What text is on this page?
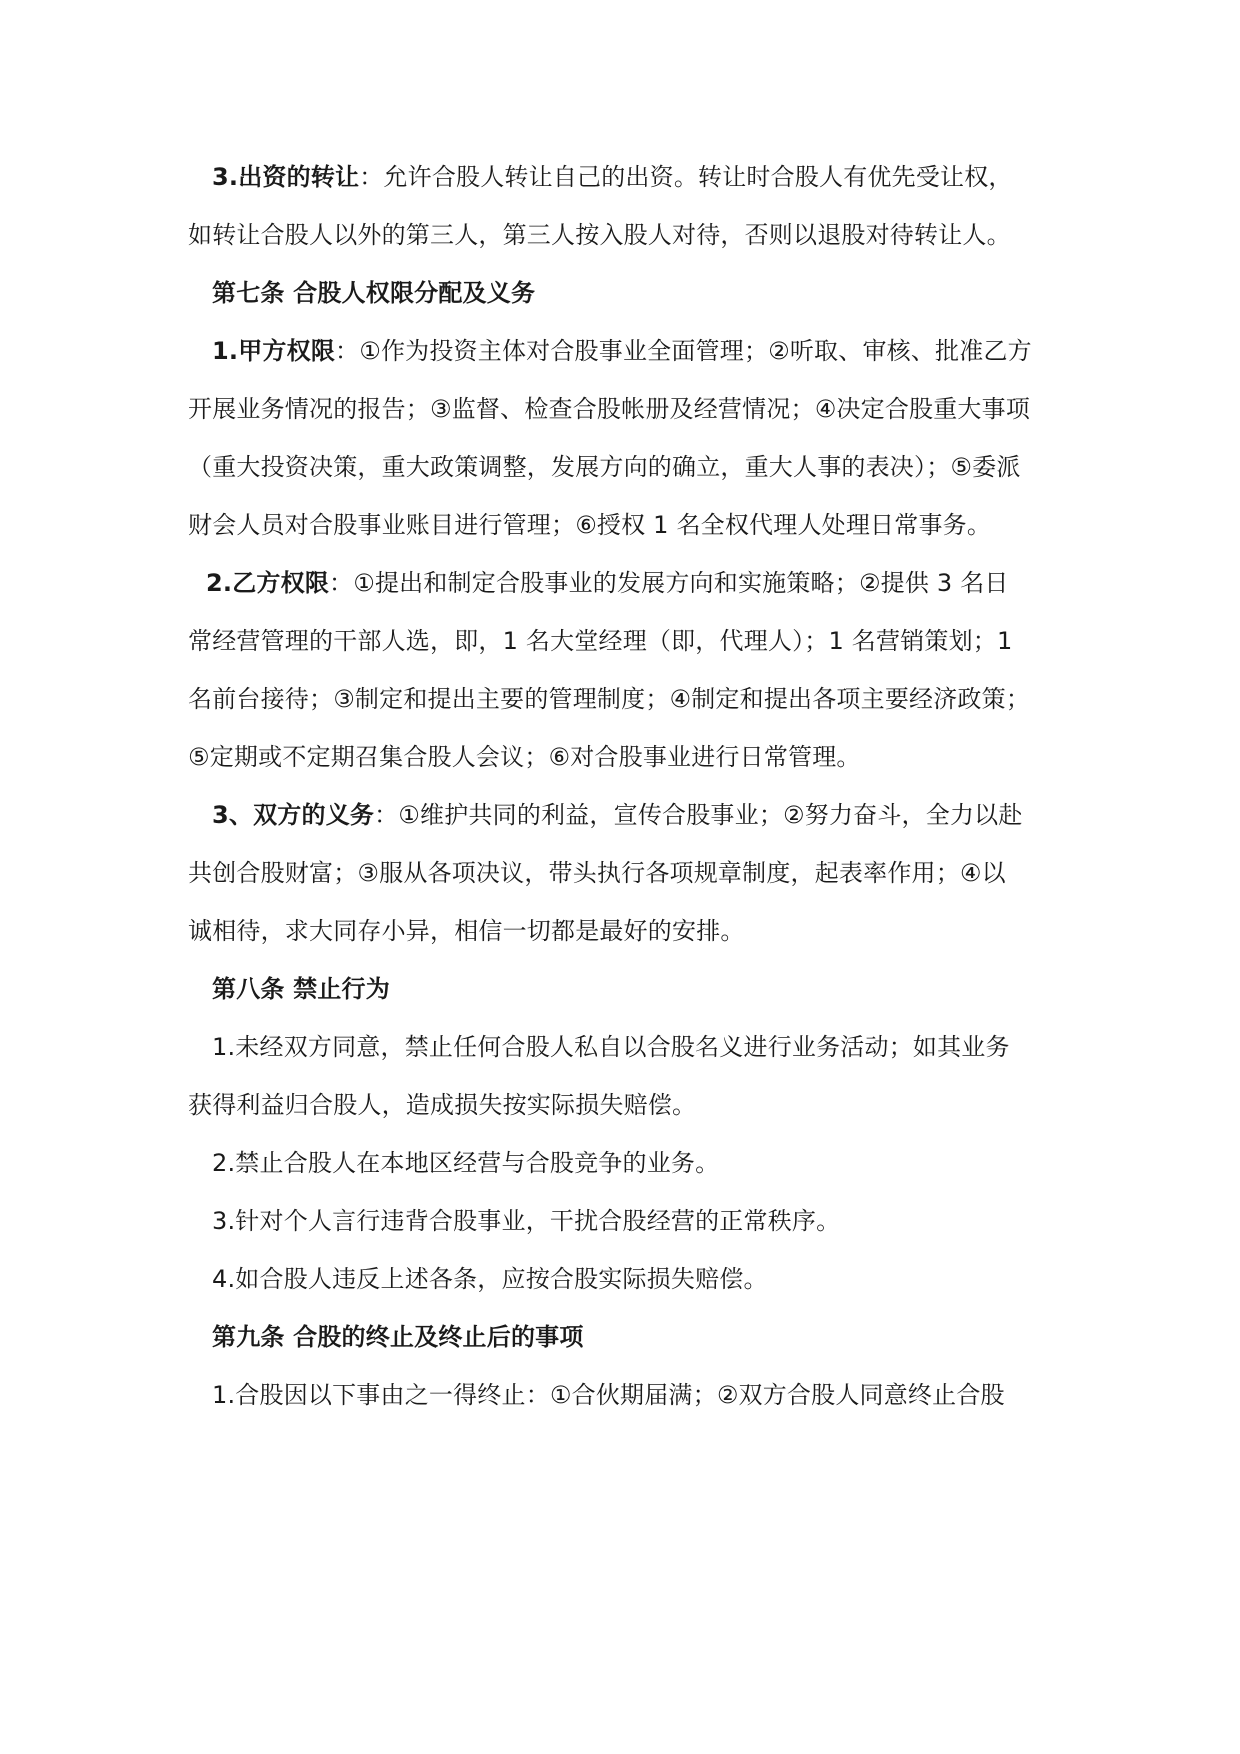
3.出资的转让：允许合股人转让自己的出资。转让时合股人有优先受让权，
如转让合股人以外的第三人，第三人按入股人对待，否则以退股对待转让人。
第七条 合股人权限分配及义务
1.甲方权限：①作为投资主体对合股事业全面管理；②听取、审核、批准乙方
开展业务情况的报告；③监督、检查合股帐册及经营情况；④决定合股重大事项
（重大投资决策，重大政策调整，发展方向的确立，重大人事的表决）；⑤委派
财会人员对合股事业账目进行管理；⑥授权 1 名全权代理人处理日常事务。
2.乙方权限：①提出和制定合股事业的发展方向和实施策略；②提供 3 名日
常经营管理的干部人选，即，1 名大堂经理（即，代理人）；1 名营销策划；1
名前台接待；③制定和提出主要的管理制度；④制定和提出各项主要经济政策；
⑤定期或不定期召集合股人会议；⑥对合股事业进行日常管理。
3、双方的义务：①维护共同的利益，宣传合股事业；②努力奋斗，全力以赴
共创合股财富；③服从各项决议，带头执行各项规章制度，起表率作用；④以
诚相待，求大同存小异，相信一切都是最好的安排。
第八条 禁止行为
1.未经双方同意，禁止任何合股人私自以合股名义进行业务活动；如其业务
获得利益归合股人，造成损失按实际损失赔偿。
2.禁止合股人在本地区经营与合股竞争的业务。
3.针对个人言行违背合股事业，干扰合股经营的正常秩序。
4.如合股人违反上述各条，应按合股实际损失赔偿。
第九条 合股的终止及终止后的事项
1.合股因以下事由之一得终止：①合伙期届满；②双方合股人同意终止合股
